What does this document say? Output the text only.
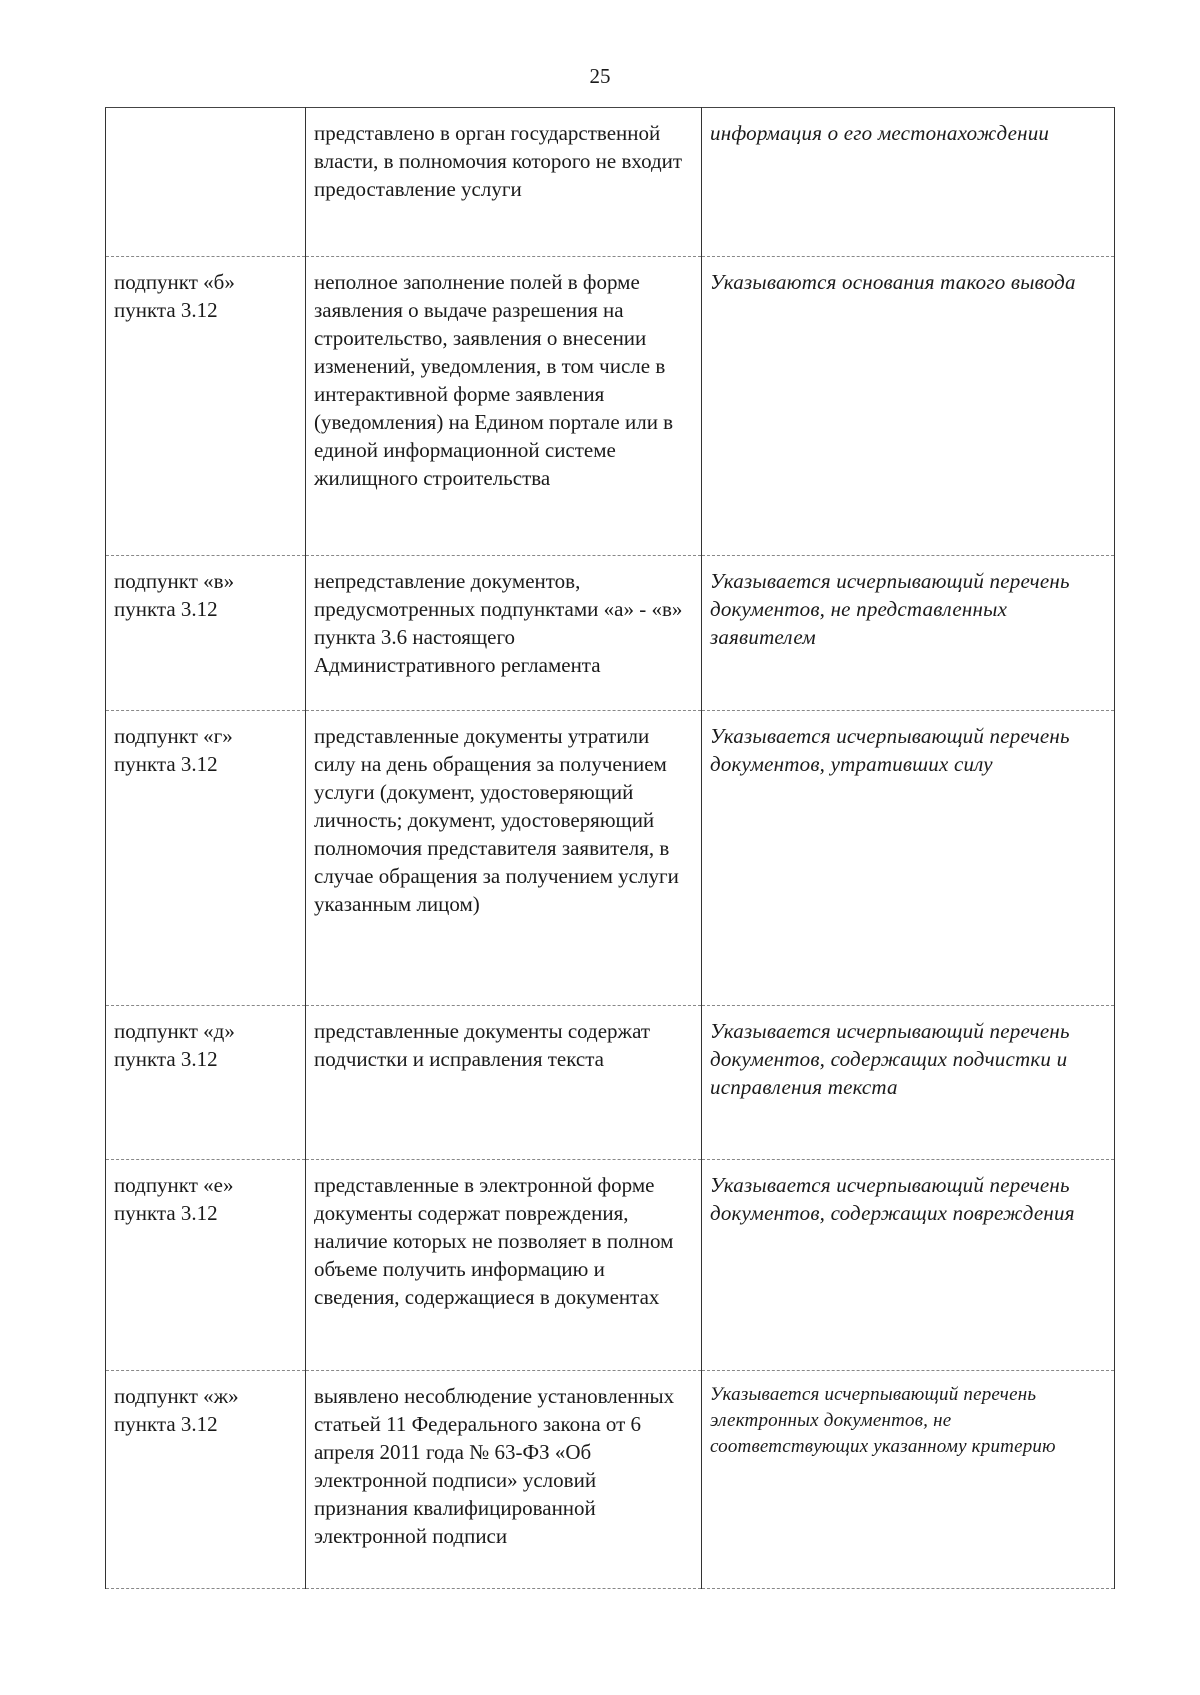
25
	представлено в орган государственной власти, в полномочия которого не входит предоставление услуги	информация о его местонахождении
подпункт «б» пункта 3.12	неполное заполнение полей в форме заявления о выдаче разрешения на строительство, заявления о внесении изменений, уведомления, в том числе в интерактивной форме заявления (уведомления) на Едином портале или в единой информационной системе жилищного строительства	Указываются основания такого вывода
подпункт «в» пункта 3.12	непредставление документов, предусмотренных подпунктами «а» - «в» пункта 3.6 настоящего Административного регламента	Указывается исчерпывающий перечень документов, не представленных заявителем
подпункт «г» пункта 3.12	представленные документы утратили силу на день обращения за получением услуги (документ, удостоверяющий личность; документ, удостоверяющий полномочия представителя заявителя, в случае обращения за получением услуги указанным лицом)	Указывается исчерпывающий перечень документов, утративших силу
подпункт «д» пункта 3.12	представленные документы содержат подчистки и исправления текста	Указывается исчерпывающий перечень документов, содержащих подчистки и исправления текста
подпункт «е» пункта 3.12	представленные в электронной форме документы содержат повреждения, наличие которых не позволяет в полном объеме получить информацию и сведения, содержащиеся в документах	Указывается исчерпывающий перечень документов, содержащих повреждения
подпункт «ж» пункта 3.12	выявлено несоблюдение установленных статьей 11 Федерального закона от 6 апреля 2011 года № 63-ФЗ «Об электронной подписи» условий признания квалифицированной электронной подписи	Указывается исчерпывающий перечень электронных документов, не соответствующих указанному критерию
